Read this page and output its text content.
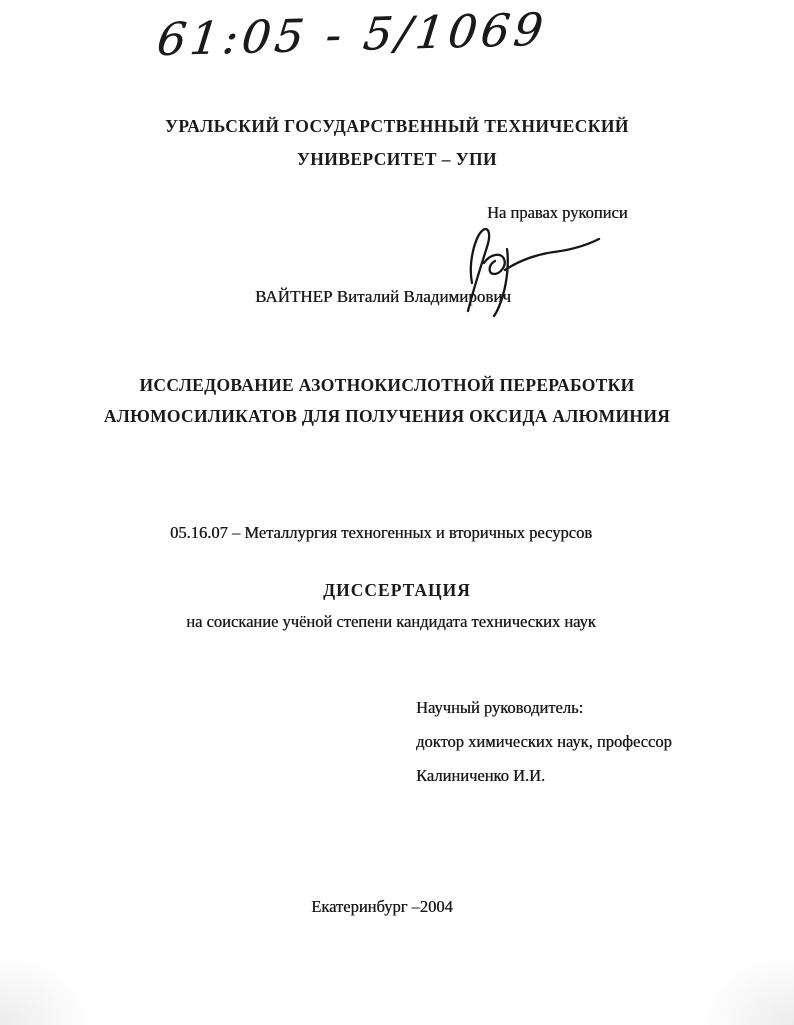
61:05 - 5/1069
УРАЛЬСКИЙ ГОСУДАРСТВЕННЫЙ ТЕХНИЧЕСКИЙ
УНИВЕРСИТЕТ – УПИ
На правах рукописи
ВАЙТНЕР Виталий Владимирович
ИССЛЕДОВАНИЕ АЗОТНОКИСЛОТНОЙ ПЕРЕРАБОТКИ
АЛЮМОСИЛИКАТОВ ДЛЯ ПОЛУЧЕНИЯ ОКСИДА АЛЮМИНИЯ
05.16.07 – Металлургия техногенных и вторичных ресурсов
ДИССЕРТАЦИЯ
на соискание учёной степени кандидата технических наук
Научный руководитель:
доктор химических наук, профессор
Калиниченко И.И.
Екатеринбург –2004
